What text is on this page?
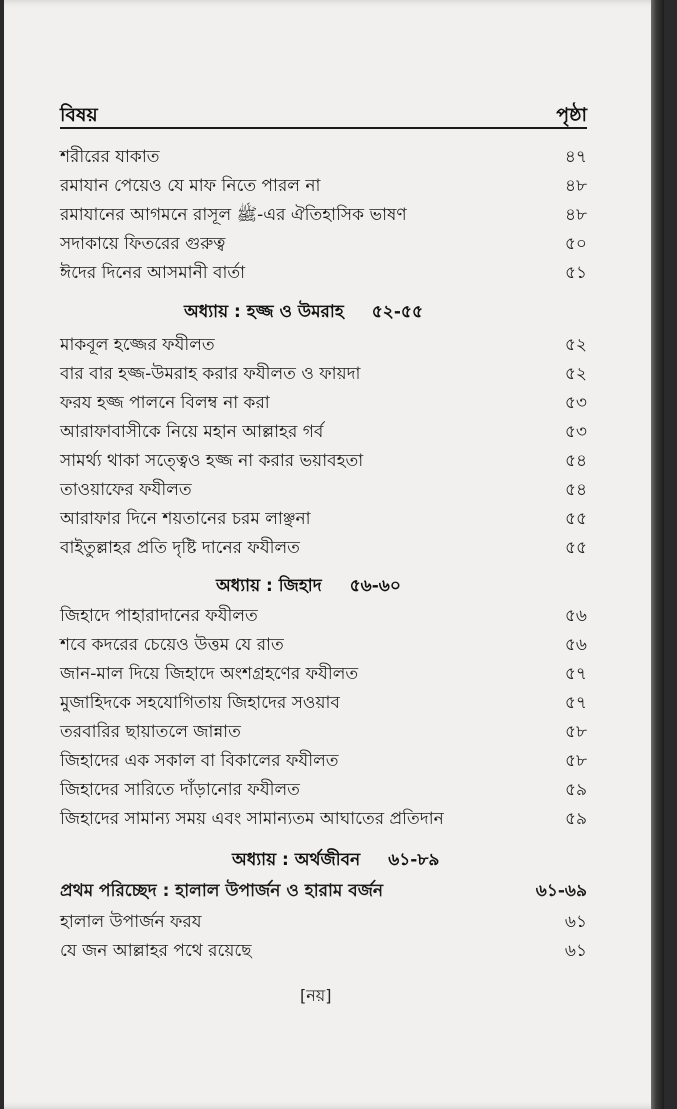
বিষয়	পৃষ্ঠা
শরীরের যাকাত	৪৭
রমাযান পেয়েও যে মাফ নিতে পারল না	৪৮
রমাযানের আগমনে রাসূল ﷺ-এর ঐতিহাসিক ভাষণ	৪৮
সদাকায়ে ফিতরের গুরুত্ব	৫০
ঈদের দিনের আসমানী বার্তা	৫১
অধ্যায় : হজ্জ ও উমরাহ ৫২-৫৫
মাকবূল হজ্জের ফযীলত	৫২
বার বার হজ্জ-উমরাহ করার ফযীলত ও ফায়দা	৫২
ফরয হজ্জ পালনে বিলম্ব না করা	৫৩
আরাফাবাসীকে নিয়ে মহান আল্লাহর গর্ব	৫৩
সামর্থ্য থাকা সত্ত্বেও হজ্জ না করার ভয়াবহতা	৫৪
তাওয়াফের ফযীলত	৫৪
আরাফার দিনে শয়তানের চরম লাঞ্ছনা	৫৫
বাইতুল্লাহর প্রতি দৃষ্টি দানের ফযীলত	৫৫
অধ্যায় : জিহাদ ৫৬-৬০
জিহাদে পাহারাদানের ফযীলত	৫৬
শবে কদরের চেয়েও উত্তম যে রাত	৫৬
জান-মাল দিয়ে জিহাদে অংশগ্রহণের ফযীলত	৫৭
মুজাহিদকে সহযোগিতায় জিহাদের সওয়াব	৫৭
তরবারির ছায়াতলে জান্নাত	৫৮
জিহাদের এক সকাল বা বিকালের ফযীলত	৫৮
জিহাদের সারিতে দাঁড়ানোর ফযীলত	৫৯
জিহাদের সামান্য সময় এবং সামান্যতম আঘাতের প্রতিদান	৫৯
অধ্যায় : অর্থজীবন ৬১-৮৯
প্রথম পরিচ্ছেদ : হালাল উপার্জন ও হারাম বর্জন	৬১-৬৯
হালাল উপার্জন ফরয	৬১
যে জন আল্লাহর পথে রয়েছে	৬১
[নয়]
